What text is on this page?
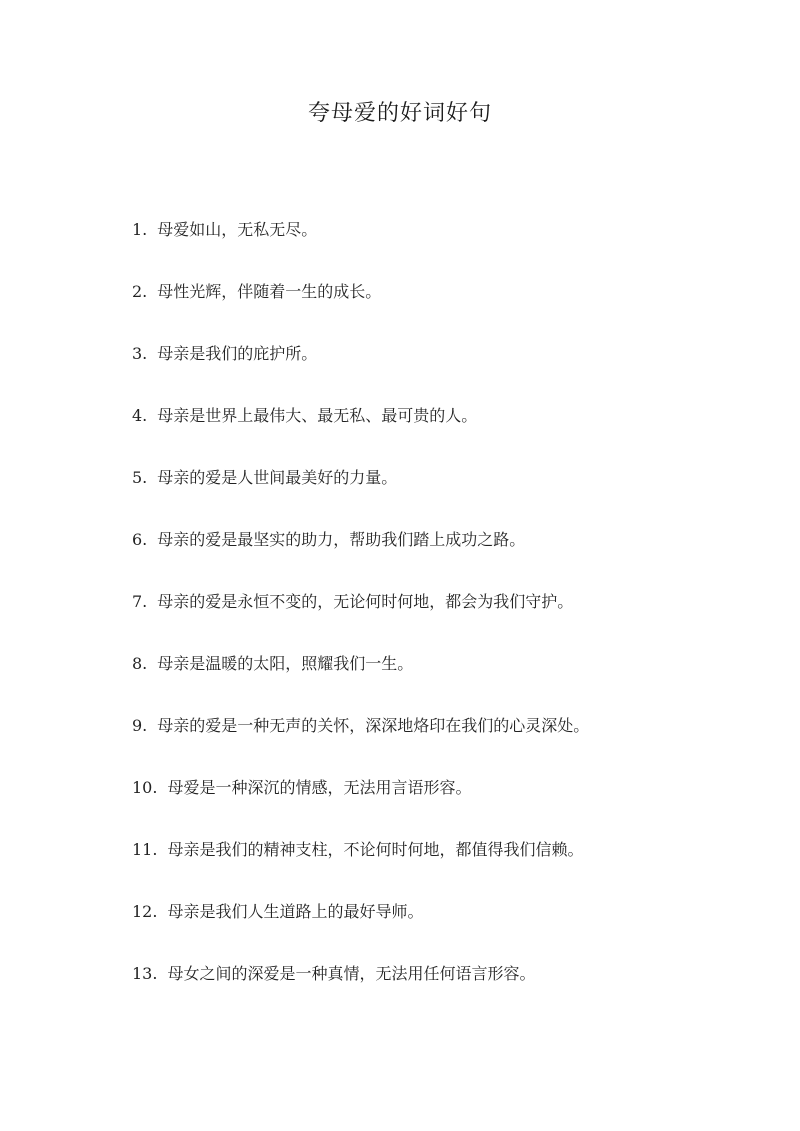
夸母爱的好词好句
1. 母爱如山，无私无尽。
2. 母性光辉，伴随着一生的成长。
3. 母亲是我们的庇护所。
4. 母亲是世界上最伟大、最无私、最可贵的人。
5. 母亲的爱是人世间最美好的力量。
6. 母亲的爱是最坚实的助力，帮助我们踏上成功之路。
7. 母亲的爱是永恒不变的，无论何时何地，都会为我们守护。
8. 母亲是温暖的太阳，照耀我们一生。
9. 母亲的爱是一种无声的关怀，深深地烙印在我们的心灵深处。
10. 母爱是一种深沉的情感，无法用言语形容。
11. 母亲是我们的精神支柱，不论何时何地，都值得我们信赖。
12. 母亲是我们人生道路上的最好导师。
13. 母女之间的深爱是一种真情，无法用任何语言形容。
